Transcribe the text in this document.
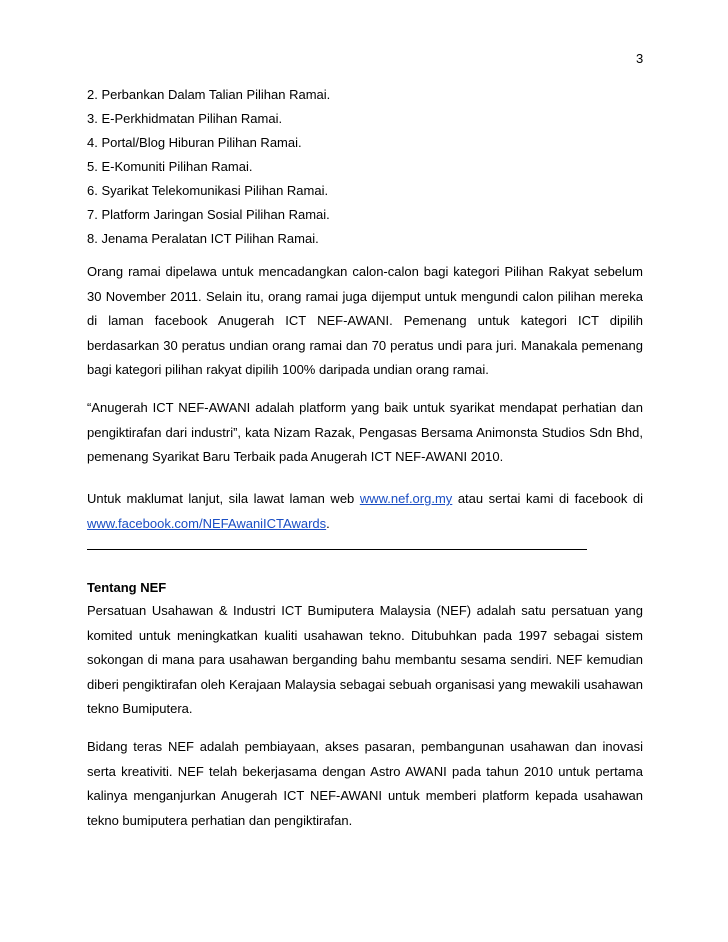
3
2. Perbankan Dalam Talian Pilihan Ramai.
3. E-Perkhidmatan Pilihan Ramai.
4. Portal/Blog Hiburan Pilihan Ramai.
5. E-Komuniti Pilihan Ramai.
6. Syarikat Telekomunikasi Pilihan Ramai.
7. Platform Jaringan Sosial Pilihan Ramai.
8. Jenama Peralatan ICT Pilihan Ramai.

Orang ramai dipelawa untuk mencadangkan calon-calon bagi kategori Pilihan Rakyat sebelum 30 November 2011. Selain itu, orang ramai juga dijemput untuk mengundi calon pilihan mereka di laman facebook Anugerah ICT NEF-AWANI. Pemenang untuk kategori ICT dipilih berdasarkan 30 peratus undian orang ramai dan 70 peratus undi para juri. Manakala pemenang bagi kategori pilihan rakyat dipilih 100% daripada undian orang ramai.

“Anugerah ICT NEF-AWANI adalah platform yang baik untuk syarikat mendapat perhatian dan pengiktirafan dari industri”, kata Nizam Razak, Pengasas Bersama Animonsta Studios Sdn Bhd, pemenang Syarikat Baru Terbaik pada Anugerah ICT NEF-AWANI 2010.

Untuk maklumat lanjut, sila lawat laman web www.nef.org.my atau sertai kami di facebook di www.facebook.com/NEFAwaniICTAwards.

Tentang NEF

Persatuan Usahawan & Industri ICT Bumiputera Malaysia (NEF) adalah satu persatuan yang komited untuk meningkatkan kualiti usahawan tekno. Ditubuhkan pada 1997 sebagai sistem sokongan di mana para usahawan berganding bahu membantu sesama sendiri. NEF kemudian diberi pengiktirafan oleh Kerajaan Malaysia sebagai sebuah organisasi yang mewakili usahawan tekno Bumiputera.

Bidang teras NEF adalah pembiayaan, akses pasaran, pembangunan usahawan dan inovasi serta kreativiti. NEF telah bekerjasama dengan Astro AWANI pada tahun 2010 untuk pertama kalinya menganjurkan Anugerah ICT NEF-AWANI untuk memberi platform kepada usahawan tekno bumiputera perhatian dan pengiktirafan.
